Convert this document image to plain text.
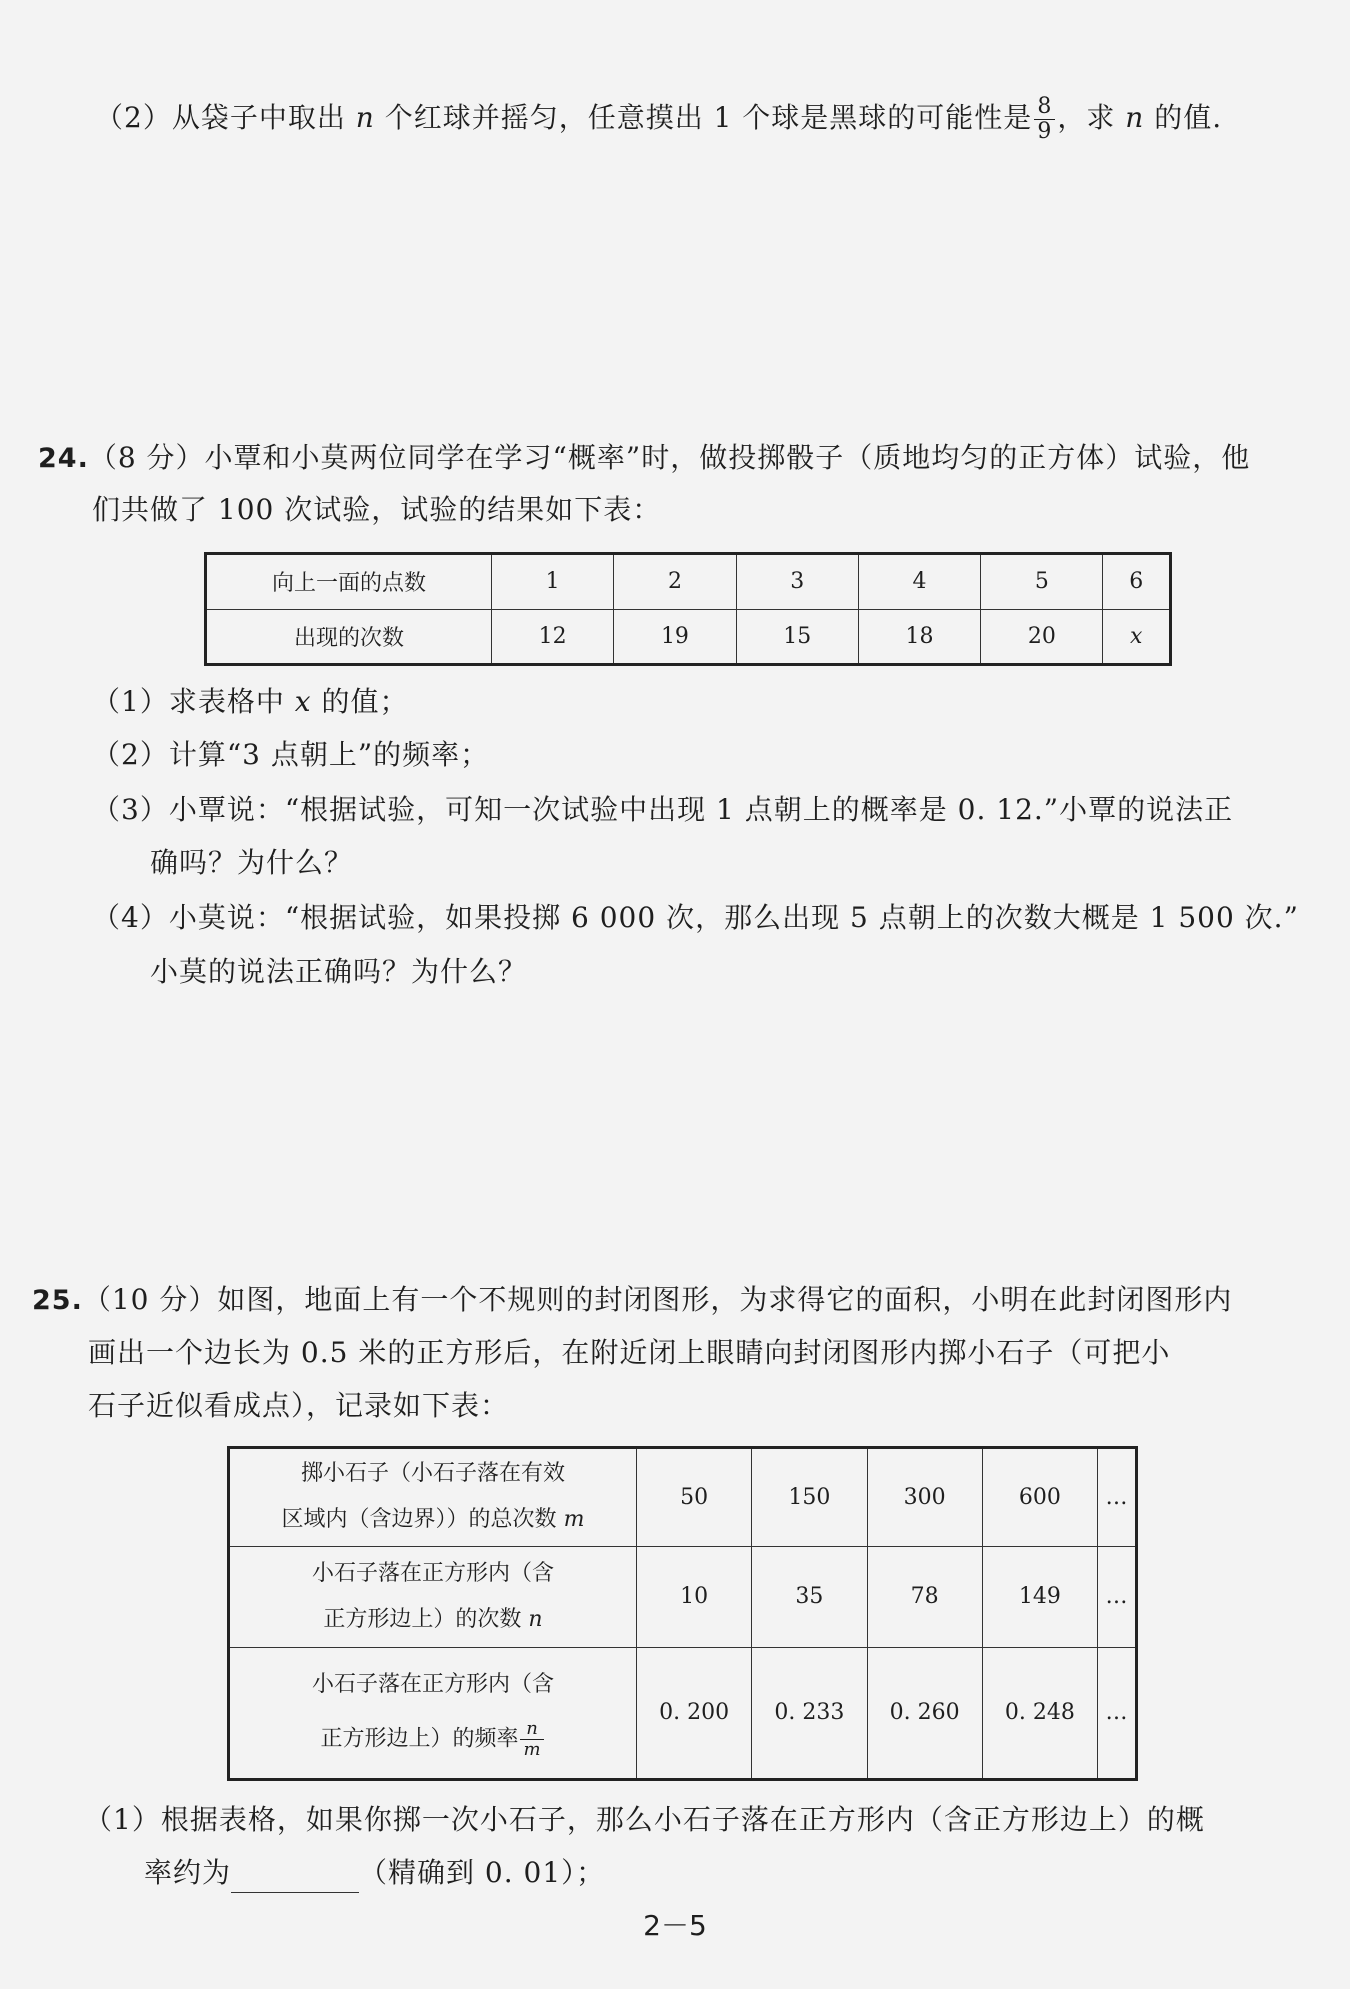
（2）从袋子中取出 n 个红球并摇匀，任意摸出 1 个球是黑球的可能性是 $\frac{8}{9}$ ，求 n 的值.
24.（8 分）小覃和小莫两位同学在学习“概率”时，做投掷骰子（质地均匀的正方体）试验，他
们共做了 100 次试验，试验的结果如下表：
向上一面的点数	1	2	3	4	5	6
出现的次数	12	19	15	18	20	x
（1）求表格中 x 的值；
（2）计算“3 点朝上”的频率；
（3）小覃说：“根据试验，可知一次试验中出现 1 点朝上的概率是 0. 12.”小覃的说法正
确吗？为什么？
（4）小莫说：“根据试验，如果投掷 6 000 次，那么出现 5 点朝上的次数大概是 1 500 次.”
小莫的说法正确吗？为什么？
25.（10 分）如图，地面上有一个不规则的封闭图形，为求得它的面积，小明在此封闭图形内
画出一个边长为 0.5 米的正方形后，在附近闭上眼睛向封闭图形内掷小石子（可把小
石子近似看成点），记录如下表：
掷小石子（小石子落在有效
区域内（含边界））的总次数 m	50	150	300	600	…

小石子落在正方形内（含
正方形边上）的次数 n	10	35	78	149	…

小石子落在正方形内（含
正方形边上）的频率 $\frac{n}{m}$	0. 200	0. 233	0. 260	0. 248	…
（1）根据表格，如果你掷一次小石子，那么小石子落在正方形内（含正方形边上）的概
率约为	（精确到 0. 01）；
2－5
